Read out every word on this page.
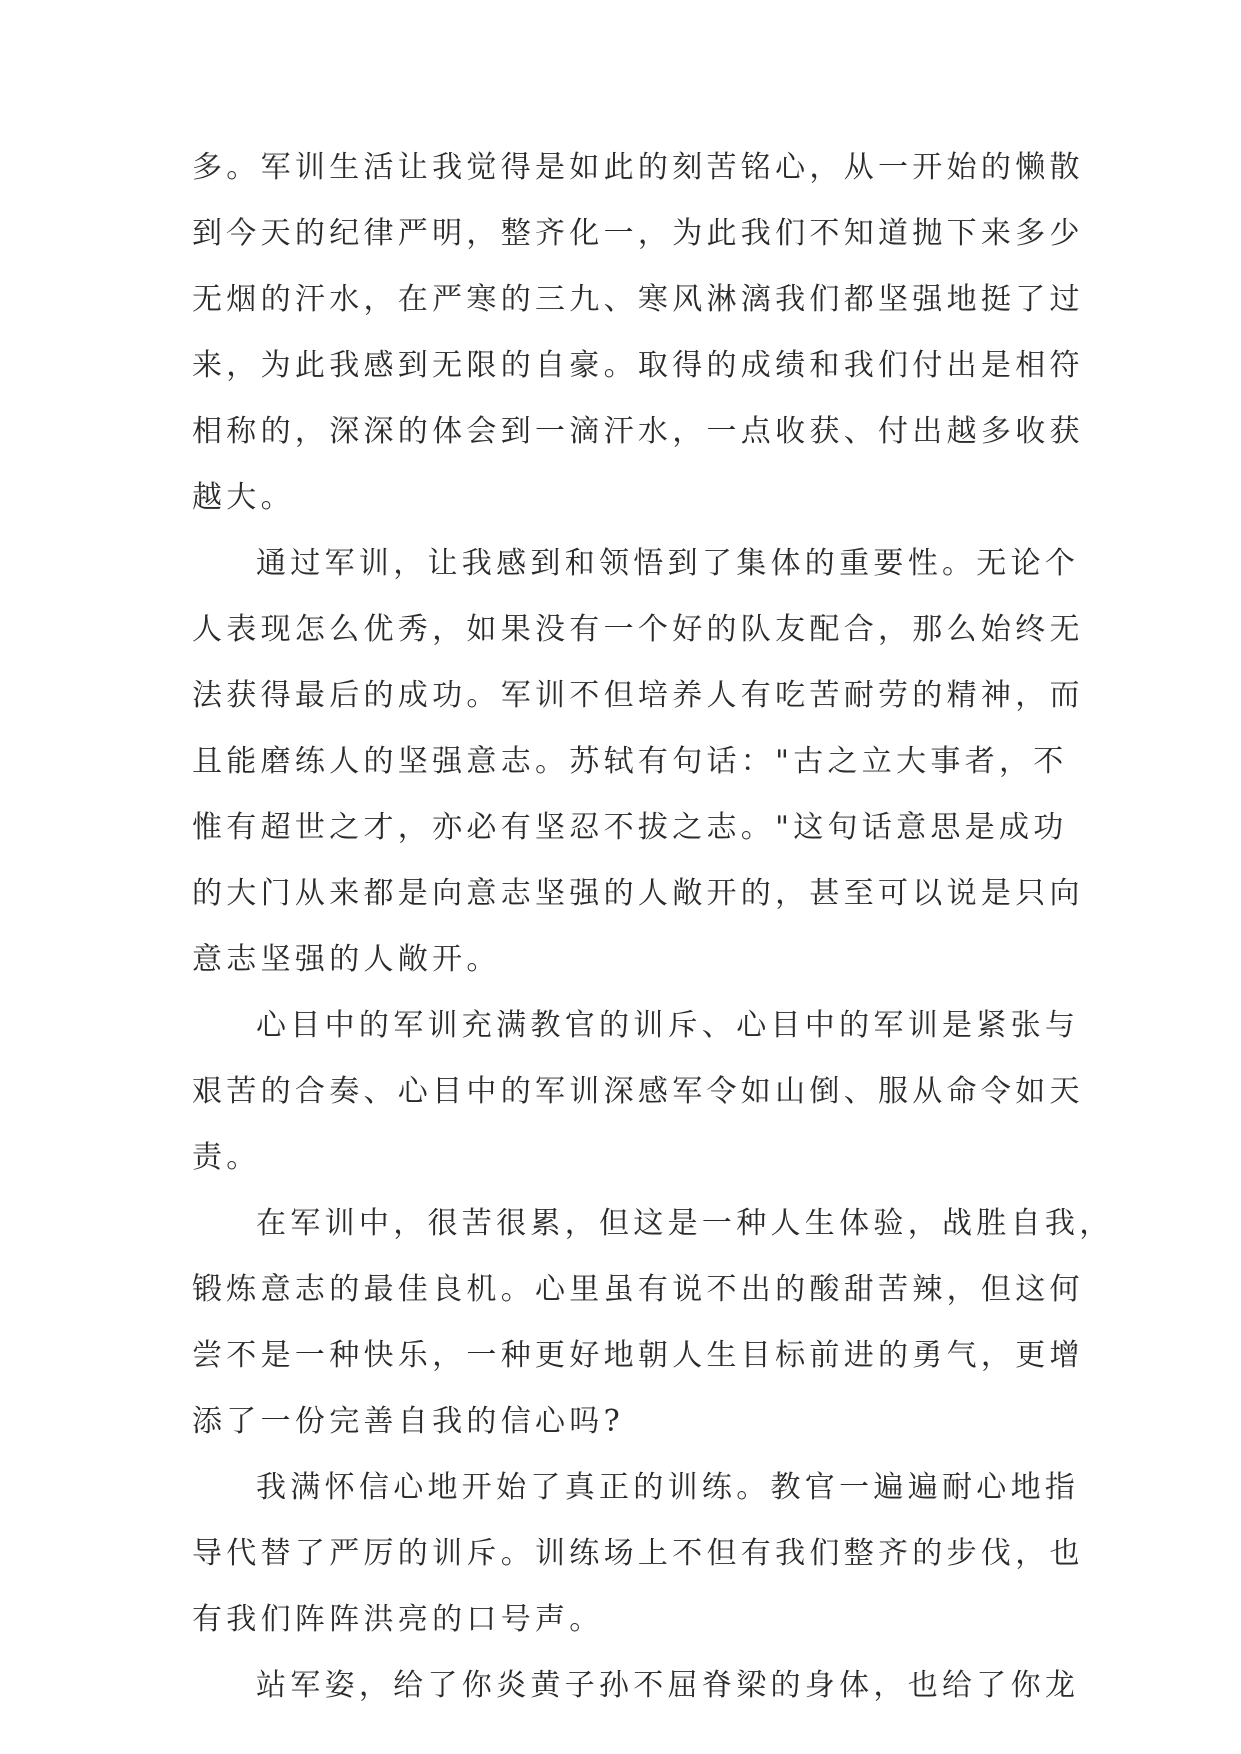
多。军训生活让我觉得是如此的刻苦铭心，从一开始的懒散
到今天的纪律严明，整齐化一，为此我们不知道抛下来多少
无烟的汗水，在严寒的三九、寒风淋漓我们都坚强地挺了过
来，为此我感到无限的自豪。取得的成绩和我们付出是相符
相称的，深深的体会到一滴汗水，一点收获、付出越多收获
越大。
通过军训，让我感到和领悟到了集体的重要性。无论个
人表现怎么优秀，如果没有一个好的队友配合，那么始终无
法获得最后的成功。军训不但培养人有吃苦耐劳的精神，而
且能磨练人的坚强意志。苏轼有句话："古之立大事者，不
惟有超世之才，亦必有坚忍不拔之志。"这句话意思是成功
的大门从来都是向意志坚强的人敞开的，甚至可以说是只向
意志坚强的人敞开。
心目中的军训充满教官的训斥、心目中的军训是紧张与
艰苦的合奏、心目中的军训深感军令如山倒、服从命令如天
责。
在军训中，很苦很累，但这是一种人生体验，战胜自我，
锻炼意志的最佳良机。心里虽有说不出的酸甜苦辣，但这何
尝不是一种快乐，一种更好地朝人生目标前进的勇气，更增
添了一份完善自我的信心吗?
我满怀信心地开始了真正的训练。教官一遍遍耐心地指
导代替了严厉的训斥。训练场上不但有我们整齐的步伐，也
有我们阵阵洪亮的口号声。
站军姿，给了你炎黄子孙不屈脊梁的身体，也给了你龙
